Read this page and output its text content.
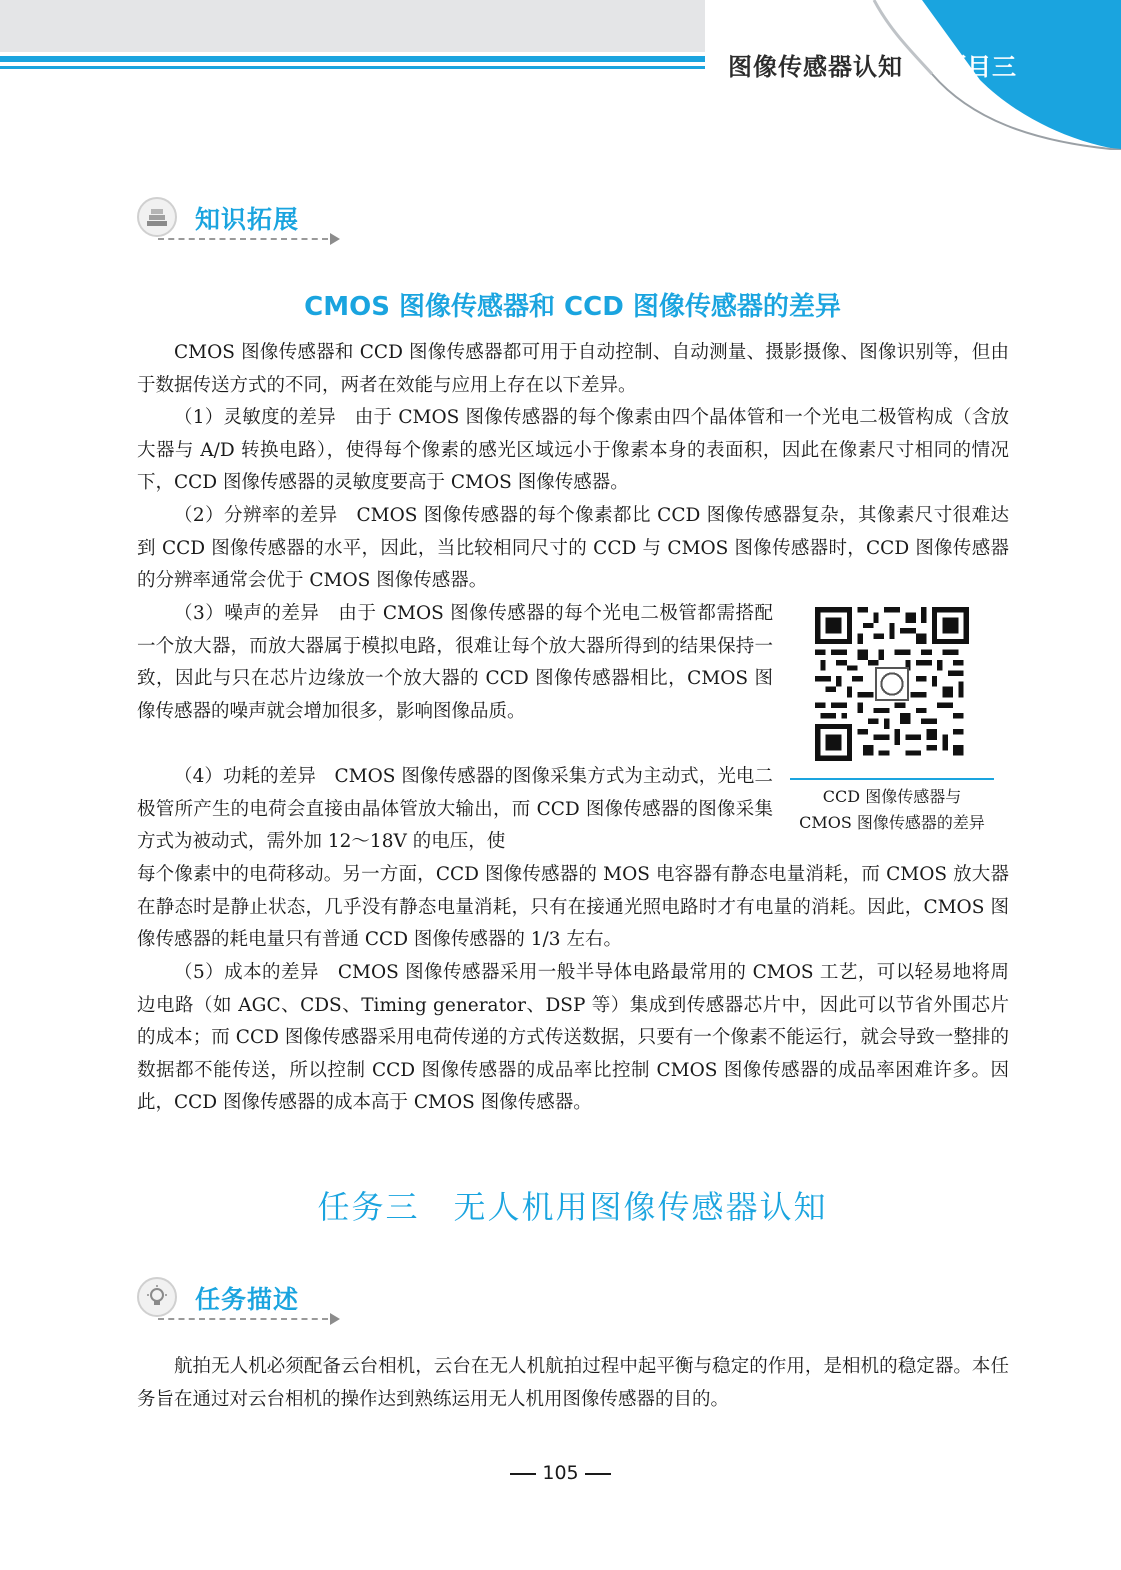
图像传感器认知 项目三
知识拓展
CMOS 图像传感器和 CCD 图像传感器的差异

CMOS 图像传感器和 CCD 图像传感器都可用于自动控制、自动测量、摄影摄像、图像识别等，但由于数据传送方式的不同，两者在效能与应用上存在以下差异。

（1）灵敏度的差异　由于 CMOS 图像传感器的每个像素由四个晶体管和一个光电二极管构成（含放大器与 A/D 转换电路），使得每个像素的感光区域远小于像素本身的表面积，因此在像素尺寸相同的情况下，CCD 图像传感器的灵敏度要高于 CMOS 图像传感器。

（2）分辨率的差异　CMOS 图像传感器的每个像素都比 CCD 图像传感器复杂，其像素尺寸很难达到 CCD 图像传感器的水平，因此，当比较相同尺寸的 CCD 与 CMOS 图像传感器时，CCD 图像传感器的分辨率通常会优于 CMOS 图像传感器。

（3）噪声的差异　由于 CMOS 图像传感器的每个光电二极管都需搭配一个放大器，而放大器属于模拟电路，很难让每个放大器所得到的结果保持一致，因此与只在芯片边缘放一个放大器的 CCD 图像传感器相比，CMOS 图像传感器的噪声就会增加很多，影响图像品质。

（4）功耗的差异　CMOS 图像传感器的图像采集方式为主动式，光电二极管所产生的电荷会直接由晶体管放大输出，而 CCD 图像传感器的图像采集方式为被动式，需外加 12～18V 的电压，使

每个像素中的电荷移动。另一方面，CCD 图像传感器的 MOS 电容器有静态电量消耗，而 CMOS 放大器在静态时是静止状态，几乎没有静态电量消耗，只有在接通光照电路时才有电量的消耗。因此，CMOS 图像传感器的耗电量只有普通 CCD 图像传感器的 1/3 左右。

（5）成本的差异　CMOS 图像传感器采用一般半导体电路最常用的 CMOS 工艺，可以轻易地将周边电路（如 AGC、CDS、Timing generator、DSP 等）集成到传感器芯片中，因此可以节省外围芯片的成本；而 CCD 图像传感器采用电荷传递的方式传送数据，只要有一个像素不能运行，就会导致一整排的数据都不能传送，所以控制 CCD 图像传感器的成品率比控制 CMOS 图像传感器的成品率困难许多。因此，CCD 图像传感器的成本高于 CMOS 图像传感器。

CCD 图像传感器与
CMOS 图像传感器的差异
任务三　无人机用图像传感器认知
任务描述

航拍无人机必须配备云台相机，云台在无人机航拍过程中起平衡与稳定的作用，是相机的稳定器。本任务旨在通过对云台相机的操作达到熟练运用无人机用图像传感器的目的。

105
